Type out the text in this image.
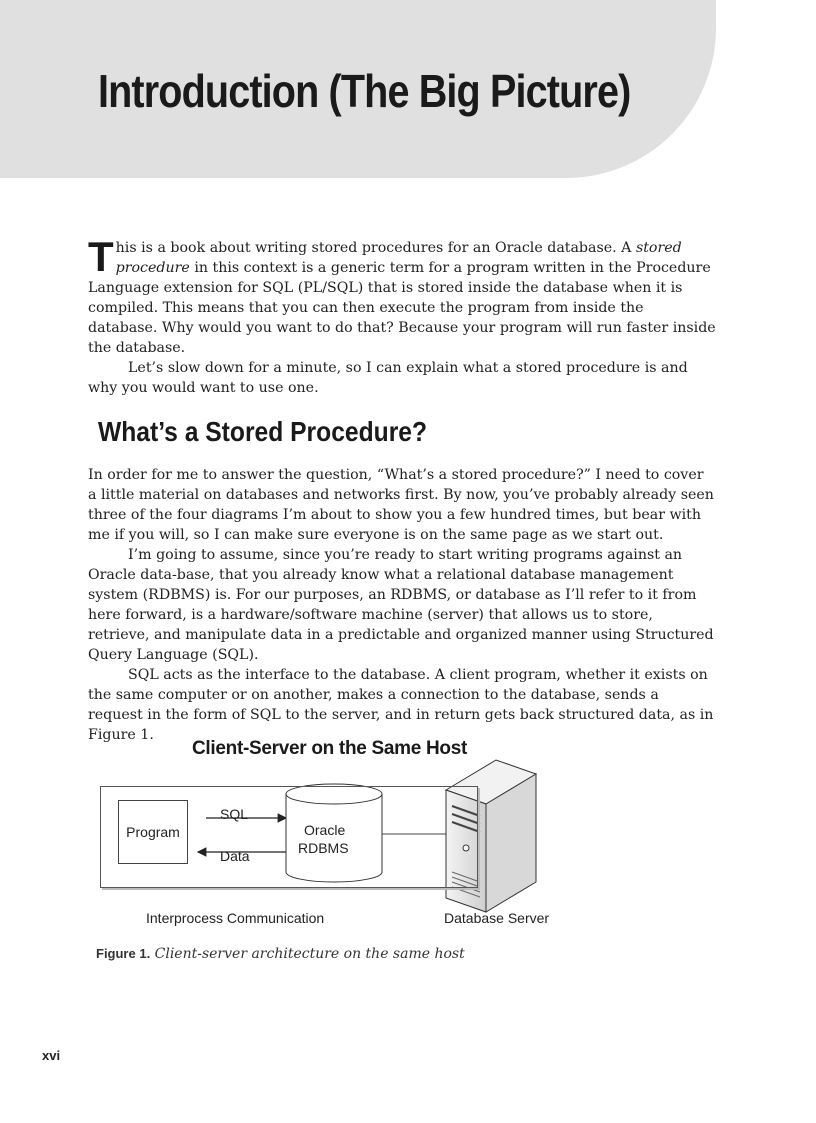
Introduction (The Big Picture)

This is a book about writing stored procedures for an Oracle database. A stored procedure in this context is a generic term for a program written in the Procedure Language extension for SQL (PL/SQL) that is stored inside the database when it is compiled. This means that you can then execute the program from inside the database. Why would you want to do that? Because your program will run faster inside the database.

Let’s slow down for a minute, so I can explain what a stored procedure is and why you would want to use one.

What’s a Stored Procedure?

In order for me to answer the question, “What’s a stored procedure?” I need to cover a little material on databases and networks first. By now, you’ve probably already seen three of the four diagrams I’m about to show you a few hundred times, but bear with me if you will, so I can make sure everyone is on the same page as we start out.

I’m going to assume, since you’re ready to start writing programs against an Oracle data-base, that you already know what a relational database management system (RDBMS) is. For our purposes, an RDBMS, or database as I’ll refer to it from here forward, is a hardware/software machine (server) that allows us to store, retrieve, and manipulate data in a predictable and organized manner using Structured Query Language (SQL).

SQL acts as the interface to the database. A client program, whether it exists on the same computer or on another, makes a connection to the database, sends a request in the form of SQL to the server, and in return gets back structured data, as in Figure 1.

Client-Server on the Same Host
Program
SQL
Data
Oracle
RDBMS
Interprocess Communication	Database Server
Figure 1. Client-server architecture on the same host
xvi
